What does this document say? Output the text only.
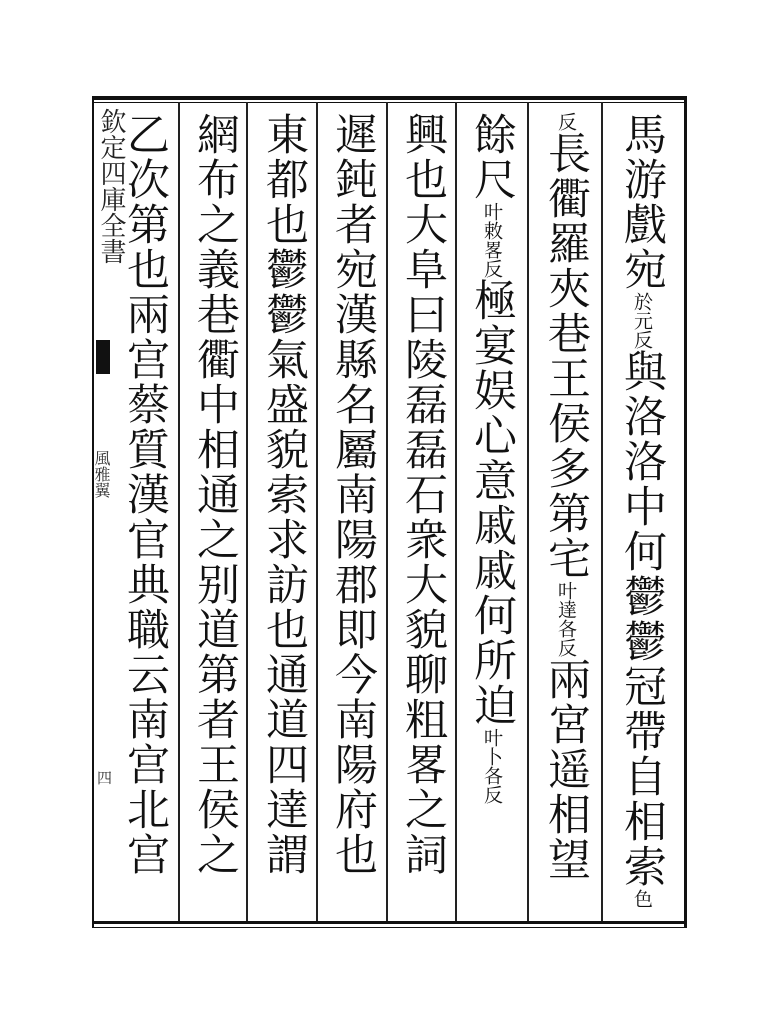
欽定四庫全書
風雅翼
四
馬游戲宛於元反與洛洛中何鬱鬱冠帶自相索色
反長衢羅夾巷王侯多第宅叶達各反兩宮遥相望
餘尺叶敕畧反極宴娱心意戚戚何所迫叶卜各反
興也大阜曰陵磊磊石衆大貌聊粗畧之詞
遲鈍者宛漢縣名屬南陽郡即今南陽府也
東都也鬱鬱氣盛貌索求訪也通道四達謂
網布之義巷衢中相通之别道第者王侯之
乙次第也兩宫蔡質漢官典職云南宫北宫
